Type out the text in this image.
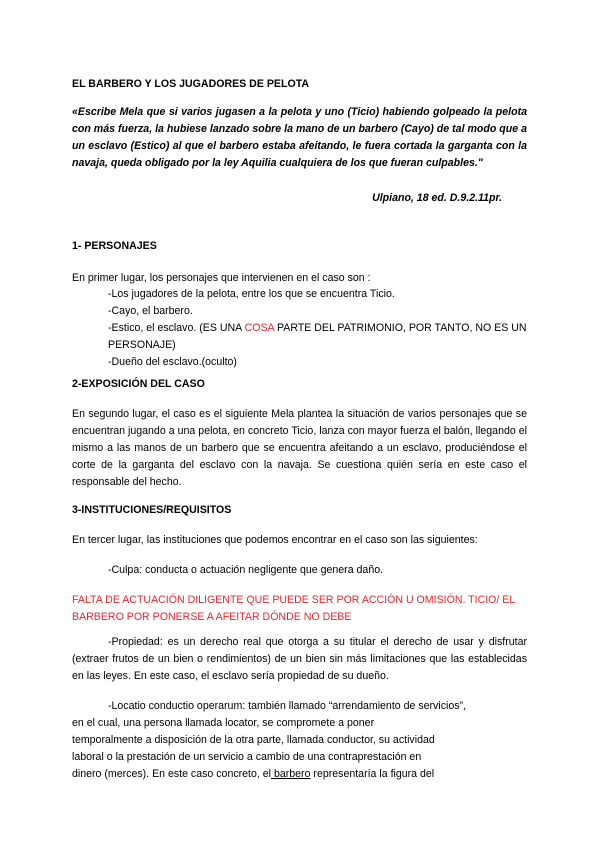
EL BARBERO Y LOS JUGADORES DE PELOTA

«Escribe Mela que si varios jugasen a la pelota y uno (Ticio) habiendo golpeado la pelota con más fuerza, la hubiese lanzado sobre la mano de un barbero (Cayo) de tal modo que a un esclavo (Estico) al que el barbero estaba afeitando, le fuera cortada la garganta con la navaja, queda obligado por la ley Aquilia cualquiera de los que fueran culpables."

Ulpiano, 18 ed. D.9.2.11pr.

1- PERSONAJES

En primer lugar, los personajes que intervienen en el caso son :

-Los jugadores de la pelota, entre los que se encuentra Ticio.
-Cayo, el barbero.
-Estico, el esclavo. (ES UNA COSA PARTE DEL PATRIMONIO, POR TANTO, NO ES UN PERSONAJE)
-Dueño del esclavo.(oculto)

2-EXPOSICIÓN DEL CASO

En segundo lugar, el caso es el siguiente Mela plantea la situación de varios personajes que se encuentran jugando a una pelota, en concreto Ticio, lanza con mayor fuerza el balón, llegando el mismo a las manos de un barbero que se encuentra afeitando a un esclavo, produciéndose el corte de la garganta del esclavo con la navaja. Se cuestiona quién sería en este caso el responsable del hecho.

3-INSTITUCIONES/REQUISITOS

En tercer lugar, las instituciones que podemos encontrar en el caso son las siguientes:

-Culpa: conducta o actuación negligente que genera daño.

FALTA DE ACTUACIÓN DILIGENTE QUE PUEDE SER POR ACCIÓN U OMISIÓN. TICIO/ EL BARBERO POR PONERSE A AFEITAR DÓNDE NO DEBE

-Propiedad: es un derecho real que otorga a su titular el derecho de usar y disfrutar (extraer frutos de un bien o rendimientos) de un bien sin más limitaciones que las establecidas en las leyes. En este caso, el esclavo sería propiedad de su dueño.

-Locatio conductio operarum: también llamado “arrendamiento de servicios”,
en el cual, una persona llamada locator, se compromete a poner
temporalmente a disposición de la otra parte, llamada conductor, su actividad
laboral o la prestación de un servicio a cambio de una contraprestación en
dinero (merces). En este caso concreto, el barbero representaría la figura del
